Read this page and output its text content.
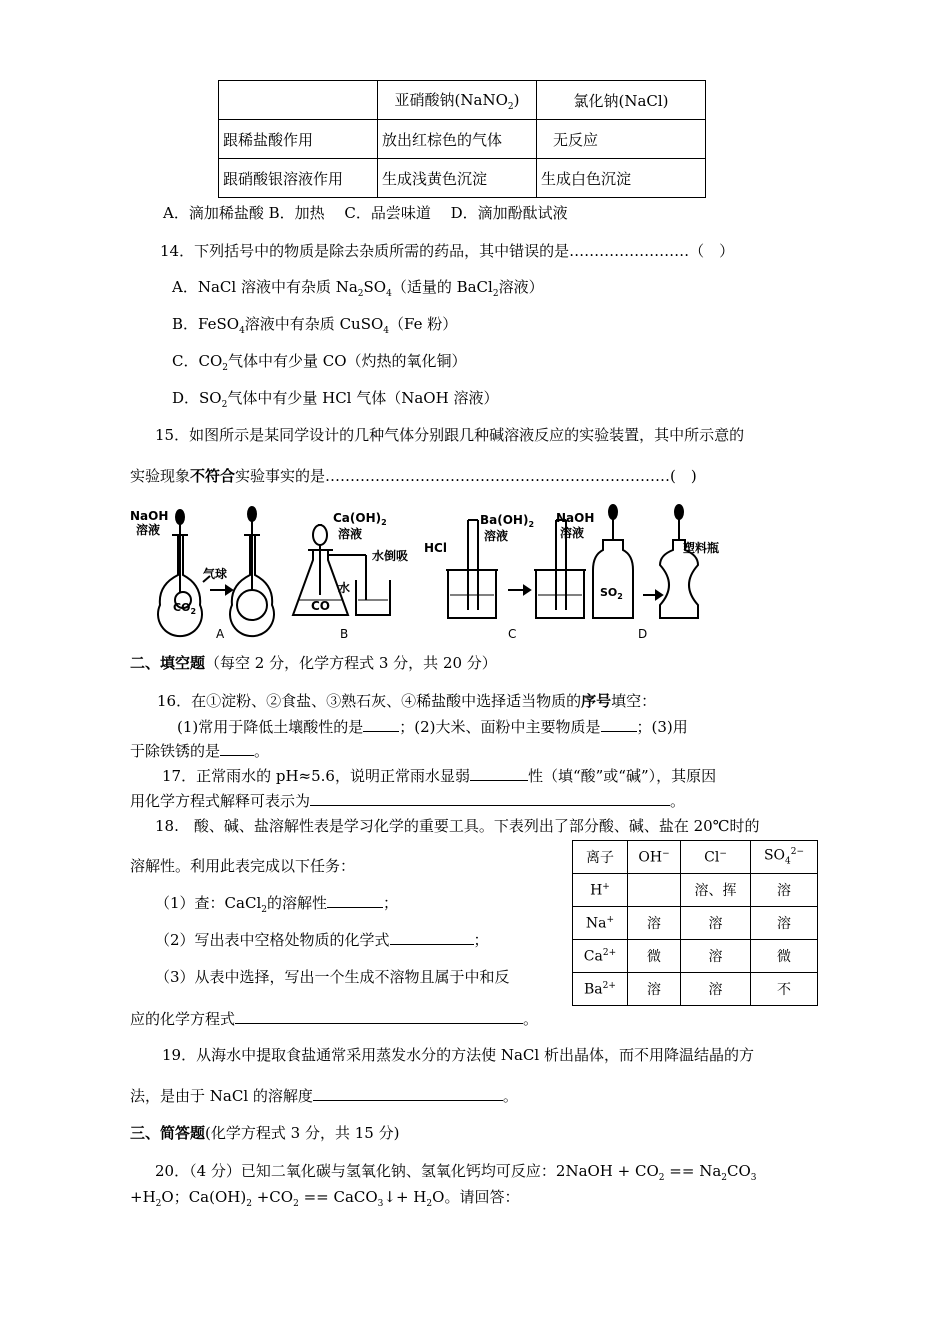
	亚硝酸钠(NaNO$_2$)	氯化钠(NaCl)
跟稀盐酸作用	放出红棕色的气体	无反应
跟硝酸银溶液作用	生成浅黄色沉淀	生成白色沉淀
A．滴加稀盐酸 B．加热 　C．品尝味道 　D．滴加酚酞试液
14．下列括号中的物质是除去杂质所需的药品，其中错误的是……………………（　）
A．NaCl 溶液中有杂质 $Na_2SO_4$（适量的 BaCl$_2$溶液）
B．FeSO$_4$溶液中有杂质 CuSO$_4$（Fe 粉）
C．$CO_2$气体中有少量 CO（灼热的氧化铜）
D．$SO_2$气体中有少量 HCl 气体（NaOH 溶液）
15．如图所示是某同学设计的几种气体分别跟几种碱溶液反应的实验装置，其中所示意的
实验现象不符合实验事实的是……………………………………………………………(　)
NaOH
溶液
气球
$CO_2$
$Ca(OH)_2$
溶液
水倒吸
水
CO
$Ba(OH)_2$
溶液
HCl
NaOH
溶液
塑料瓶
$SO_2$
A	B	C	D
二、填空题（每空 2 分，化学方程式 3 分，共 20 分）
16．在①淀粉、②食盐、③熟石灰、④稀盐酸中选择适当物质的序号填空：
(1)常用于降低土壤酸性的是 ；(2)大米、面粉中主要物质是 ；(3)用
于除铁锈的是 。
17．正常雨水的 pH≈5.6，说明正常雨水显弱	性（填“酸”或“碱”），其原因
用化学方程式解释可表示为	。
18.　酸、碱、盐溶解性表是学习化学的重要工具。下表列出了部分酸、碱、盐在 20℃时的
溶解性。利用此表完成以下任务：
（1）查：CaCl$_2$的溶解性	；
（2）写出表中空格处物质的化学式	；
（3）从表中选择，写出一个生成不溶物且属于中和反
应的化学方程式	。
离子	OH−	Cl−	$SO_4^{2-}$
H+		溶、挥	溶
Na+	溶	溶	溶
$Ca^{2+}$	微	溶	微
$Ba^{2+}$	溶	溶	不
19．从海水中提取食盐通常采用蒸发水分的方法使 NaCl 析出晶体，而不用降温结晶的方
法，是由于 NaCl 的溶解度	。
三、简答题(化学方程式 3 分，共 15 分)
20．（4 分）已知二氧化碳与氢氧化钠、氢氧化钙均可反应：2NaOH + $CO_2 == Na_2CO_3$
$+H_2O$；$Ca(OH)_2 +CO_2$ == CaCO$_3$↓+ $H_2O$。请回答：
